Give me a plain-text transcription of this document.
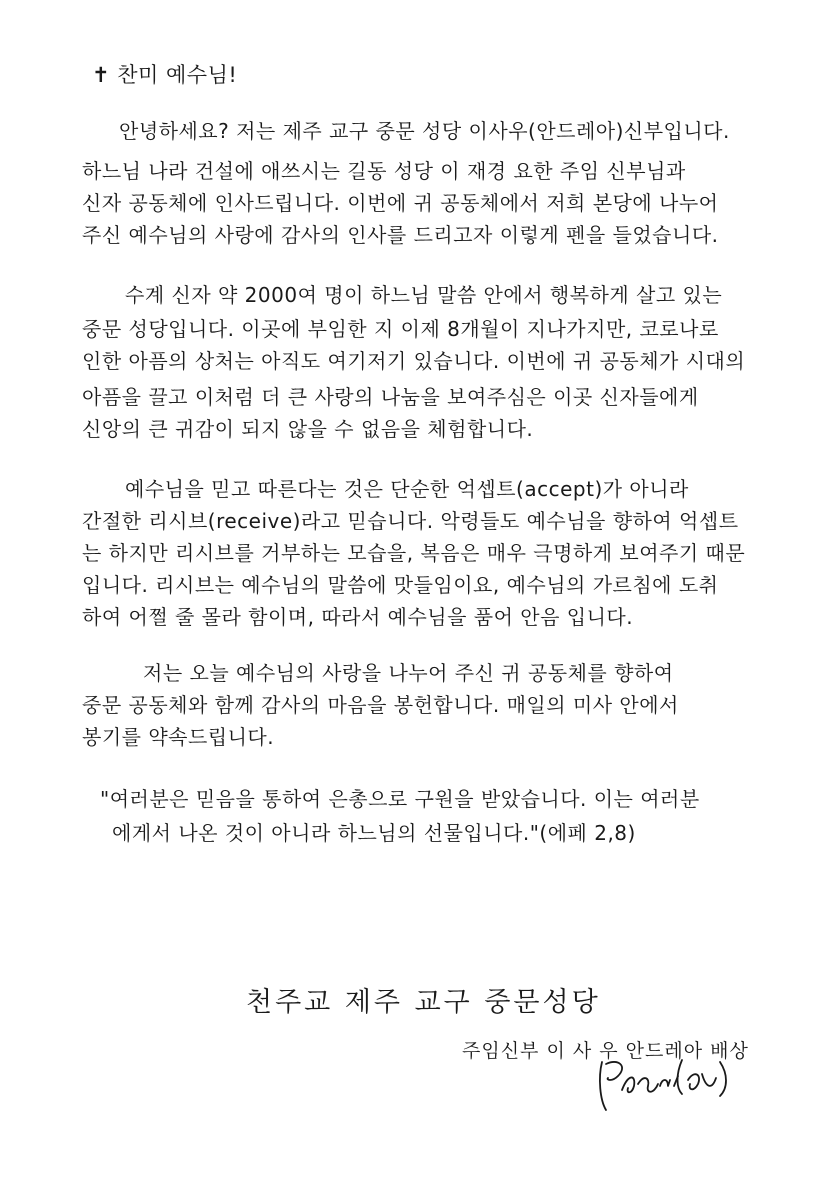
✝ 찬미 예수님!
안녕하세요? 저는 제주 교구 중문 성당 이사우(안드레아)신부입니다.
하느님 나라 건설에 애쓰시는 길동 성당 이 재경 요한 주임 신부님과
신자 공동체에 인사드립니다. 이번에 귀 공동체에서 저희 본당에 나누어
주신 예수님의 사랑에 감사의 인사를 드리고자 이렇게 펜을 들었습니다.
수계 신자 약 2000여 명이 하느님 말씀 안에서 행복하게 살고 있는
중문 성당입니다. 이곳에 부임한 지 이제 8개월이 지나가지만, 코로나로
인한 아픔의 상처는 아직도 여기저기 있습니다. 이번에 귀 공동체가 시대의
아픔을 끌고 이처럼 더 큰 사랑의 나눔을 보여주심은 이곳 신자들에게
신앙의 큰 귀감이 되지 않을 수 없음을 체험합니다.
예수님을 믿고 따른다는 것은 단순한 억셉트(accept)가 아니라
간절한 리시브(receive)라고 믿습니다. 악령들도 예수님을 향하여 억셉트
는 하지만 리시브를 거부하는 모습을, 복음은 매우 극명하게 보여주기 때문
입니다. 리시브는 예수님의 말씀에 맛들임이요, 예수님의 가르침에 도취
하여 어쩔 줄 몰라 함이며, 따라서 예수님을 품어 안음 입니다.
저는 오늘 예수님의 사랑을 나누어 주신 귀 공동체를 향하여
중문 공동체와 함께 감사의 마음을 봉헌합니다. 매일의 미사 안에서
봉기를 약속드립니다.
"여러분은 믿음을 통하여 은총으로 구원을 받았습니다. 이는 여러분
에게서 나온 것이 아니라 하느님의 선물입니다."(에페 2,8)
천주교 제주 교구 중문성당
주임신부 이 사 우 안드레아 배상
